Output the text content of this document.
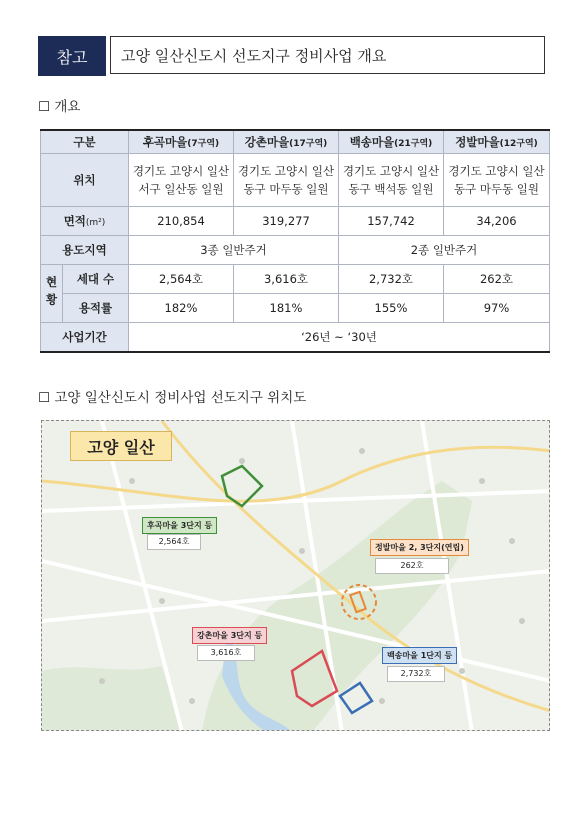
참고	고양 일산신도시 선도지구 정비사업 개요
☐ 개요
구분		후곡마을(7구역)	강촌마을(17구역)	백송마을(21구역)	정발마을(12구역)
위치		경기도 고양시 일산서구 일산동 일원	경기도 고양시 일산동구 마두동 일원	경기도 고양시 일산동구 백석동 일원	경기도 고양시 일산동구 마두동 일원
면적(m²)		210,854	319,277	157,742	34,206
용도지역		3종 일반주거		2종 일반주거	
현황	세대 수	2,564호	3,616호	2,732호	262호
	용적률	182%	181%	155%	97%
사업기간		‘26년 ~ ‘30년			
☐ 고양 일산신도시 정비사업 선도지구 위치도
고양 일산
후곡마을 3단지 등
2,564호
정발마을 2, 3단지(연립)
262호
강촌마을 3단지 등
3,616호	백송마을 1단지 등
2,732호
